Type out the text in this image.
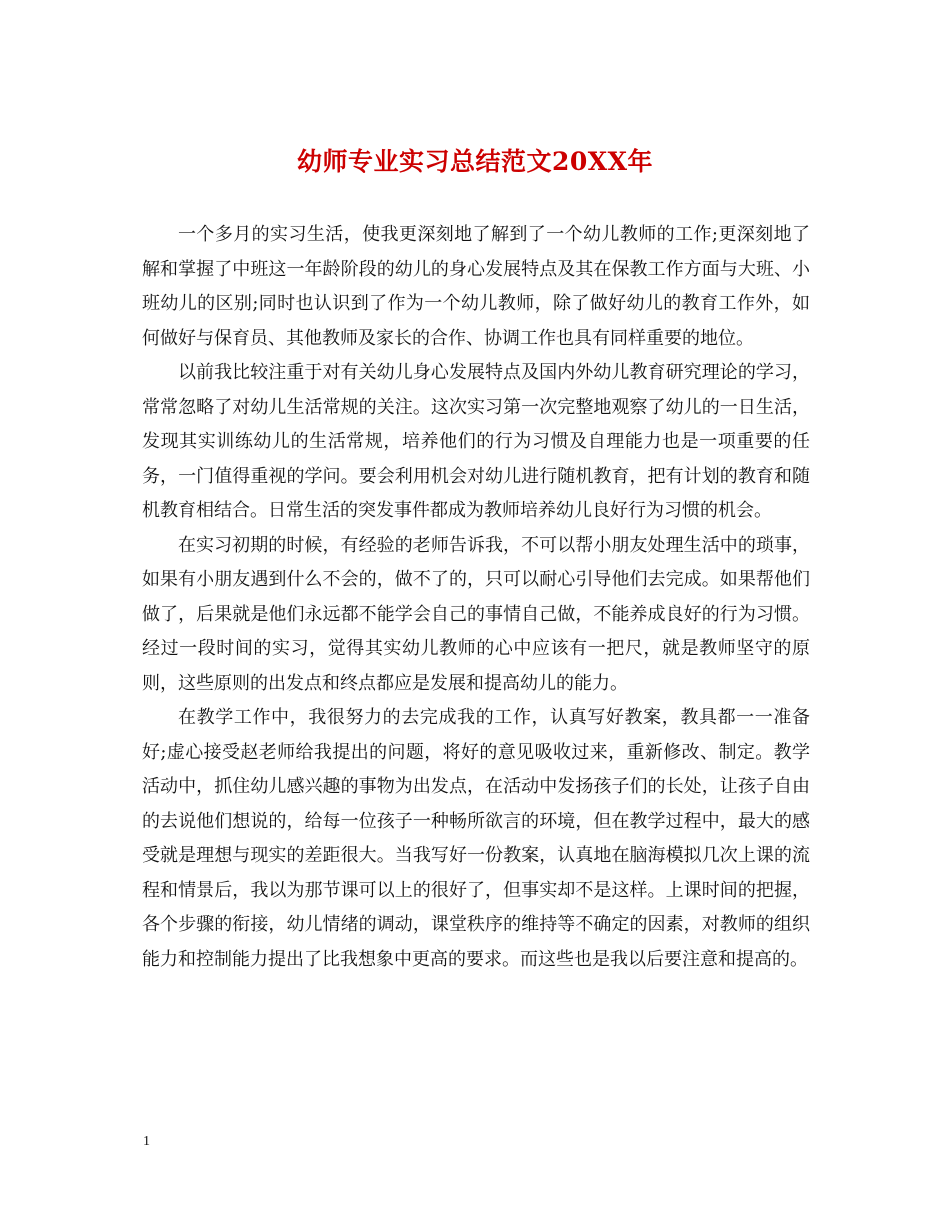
幼师专业实习总结范文20XX年

一个多月的实习生活，使我更深刻地了解到了一个幼儿教师的工作;更深刻地了解和掌握了中班这一年龄阶段的幼儿的身心发展特点及其在保教工作方面与大班、小班幼儿的区别;同时也认识到了作为一个幼儿教师，除了做好幼儿的教育工作外，如何做好与保育员、其他教师及家长的合作、协调工作也具有同样重要的地位。

以前我比较注重于对有关幼儿身心发展特点及国内外幼儿教育研究理论的学习，常常忽略了对幼儿生活常规的关注。这次实习第一次完整地观察了幼儿的一日生活，发现其实训练幼儿的生活常规，培养他们的行为习惯及自理能力也是一项重要的任务，一门值得重视的学问。要会利用机会对幼儿进行随机教育，把有计划的教育和随机教育相结合。日常生活的突发事件都成为教师培养幼儿良好行为习惯的机会。

在实习初期的时候，有经验的老师告诉我，不可以帮小朋友处理生活中的琐事，如果有小朋友遇到什么不会的，做不了的，只可以耐心引导他们去完成。如果帮他们做了，后果就是他们永远都不能学会自己的事情自己做，不能养成良好的行为习惯。经过一段时间的实习，觉得其实幼儿教师的心中应该有一把尺，就是教师坚守的原则，这些原则的出发点和终点都应是发展和提高幼儿的能力。

在教学工作中，我很努力的去完成我的工作，认真写好教案，教具都一一准备好;虚心接受赵老师给我提出的问题，将好的意见吸收过来，重新修改、制定。教学活动中，抓住幼儿感兴趣的事物为出发点，在活动中发扬孩子们的长处，让孩子自由的去说他们想说的，给每一位孩子一种畅所欲言的环境，但在教学过程中，最大的感受就是理想与现实的差距很大。当我写好一份教案，认真地在脑海模拟几次上课的流程和情景后，我以为那节课可以上的很好了，但事实却不是这样。上课时间的把握，各个步骤的衔接，幼儿情绪的调动，课堂秩序的维持等不确定的因素，对教师的组织能力和控制能力提出了比我想象中更高的要求。而这些也是我以后要注意和提高的。

1
